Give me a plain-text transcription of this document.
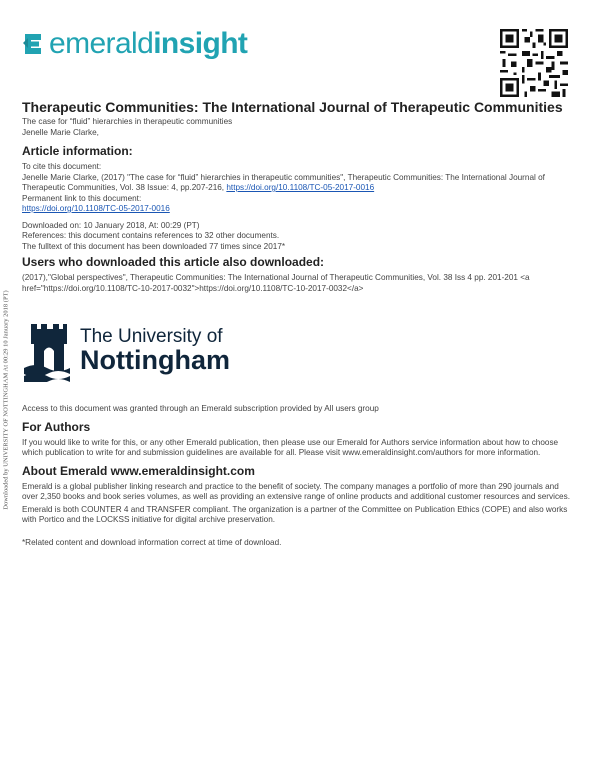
Downloaded by UNIVERSITY OF NOTTINGHAM At 00:29 10 January 2018 (PT)
emeraldinsight
Therapeutic Communities: The International Journal of Therapeutic Communities
The case for “fluid” hierarchies in therapeutic communities
Jenelle Marie Clarke,
Article information:
To cite this document:
Jenelle Marie Clarke, (2017) "The case for “fluid” hierarchies in therapeutic communities", Therapeutic Communities: The International Journal of Therapeutic Communities, Vol. 38 Issue: 4, pp.207-216, https://doi.org/10.1108/TC-05-2017-0016
Permanent link to this document:
https://doi.org/10.1108/TC-05-2017-0016
Downloaded on: 10 January 2018, At: 00:29 (PT)
References: this document contains references to 32 other documents.
The fulltext of this document has been downloaded 77 times since 2017*
Users who downloaded this article also downloaded:
(2017),"Global perspectives", Therapeutic Communities: The International Journal of Therapeutic Communities, Vol. 38 Iss 4 pp. 201-201 <a href="https://doi.org/10.1108/TC-10-2017-0032">https://doi.org/10.1108/TC-10-2017-0032</a>
The University of
Nottingham
Access to this document was granted through an Emerald subscription provided by All users group
For Authors
If you would like to write for this, or any other Emerald publication, then please use our Emerald for Authors service information about how to choose which publication to write for and submission guidelines are available for all. Please visit www.emeraldinsight.com/authors for more information.
About Emerald www.emeraldinsight.com
Emerald is a global publisher linking research and practice to the benefit of society. The company manages a portfolio of more than 290 journals and over 2,350 books and book series volumes, as well as providing an extensive range of online products and additional customer resources and services.
Emerald is both COUNTER 4 and TRANSFER compliant. The organization is a partner of the Committee on Publication Ethics (COPE) and also works with Portico and the LOCKSS initiative for digital archive preservation.
*Related content and download information correct at time of download.
